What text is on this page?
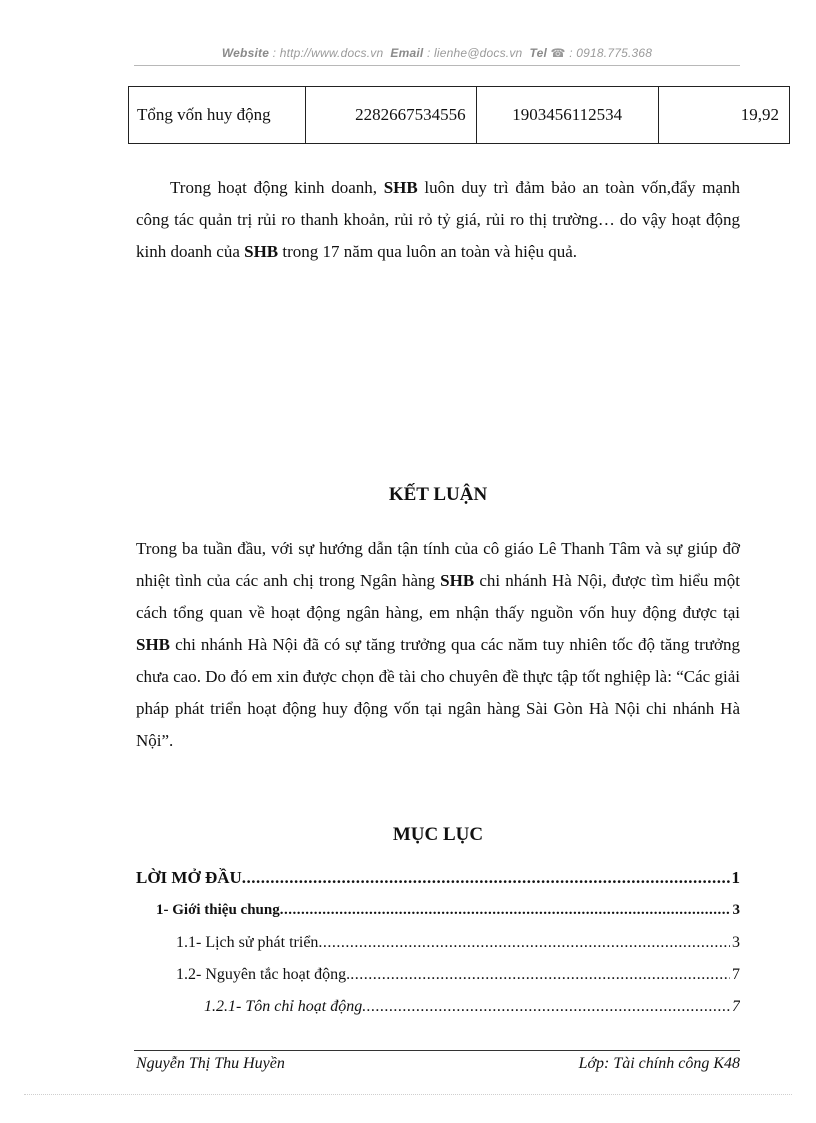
Website : http://www.docs.vn Email : lienhe@docs.vn Tel ☎ : 0918.775.368
Tổng vốn huy động	2282667534556	1903456112534	19,92

Trong hoạt động kinh doanh, SHB luôn duy trì đảm bảo an toàn vốn,đẩy mạnh công tác quản trị rủi ro thanh khoản, rủi rỏ tỷ giá, rủi ro thị trường… do vậy hoạt động kinh doanh của SHB trong 17 năm qua luôn an toàn và hiệu quả.

KẾT LUẬN

Trong ba tuần đầu, với sự hướng dẫn tận tính của cô giáo Lê Thanh Tâm và sự giúp đỡ nhiệt tình của các anh chị trong Ngân hàng SHB chi nhánh Hà Nội, được tìm hiểu một cách tổng quan về hoạt động ngân hàng, em nhận thấy nguồn vốn huy động được tại SHB chi nhánh Hà Nội đã có sự tăng trưởng qua các năm tuy nhiên tốc độ tăng trưởng chưa cao. Do đó em xin được chọn đề tài cho chuyên đề thực tập tốt nghiệp là: “Các giải pháp phát triển hoạt động huy động vốn tại ngân hàng Sài Gòn Hà Nội chi nhánh Hà Nội”.

MỤC LỤC
LỜI MỞ ĐẦU .....	1
1- Giới thiệu chung .....	3
1.1- Lịch sử phát triển .....	3
1.2- Nguyên tắc hoạt động. .....	7
1.2.1- Tôn chỉ hoạt động .....	7
Nguyễn Thị Thu Huyền	Lớp: Tài chính công K48
